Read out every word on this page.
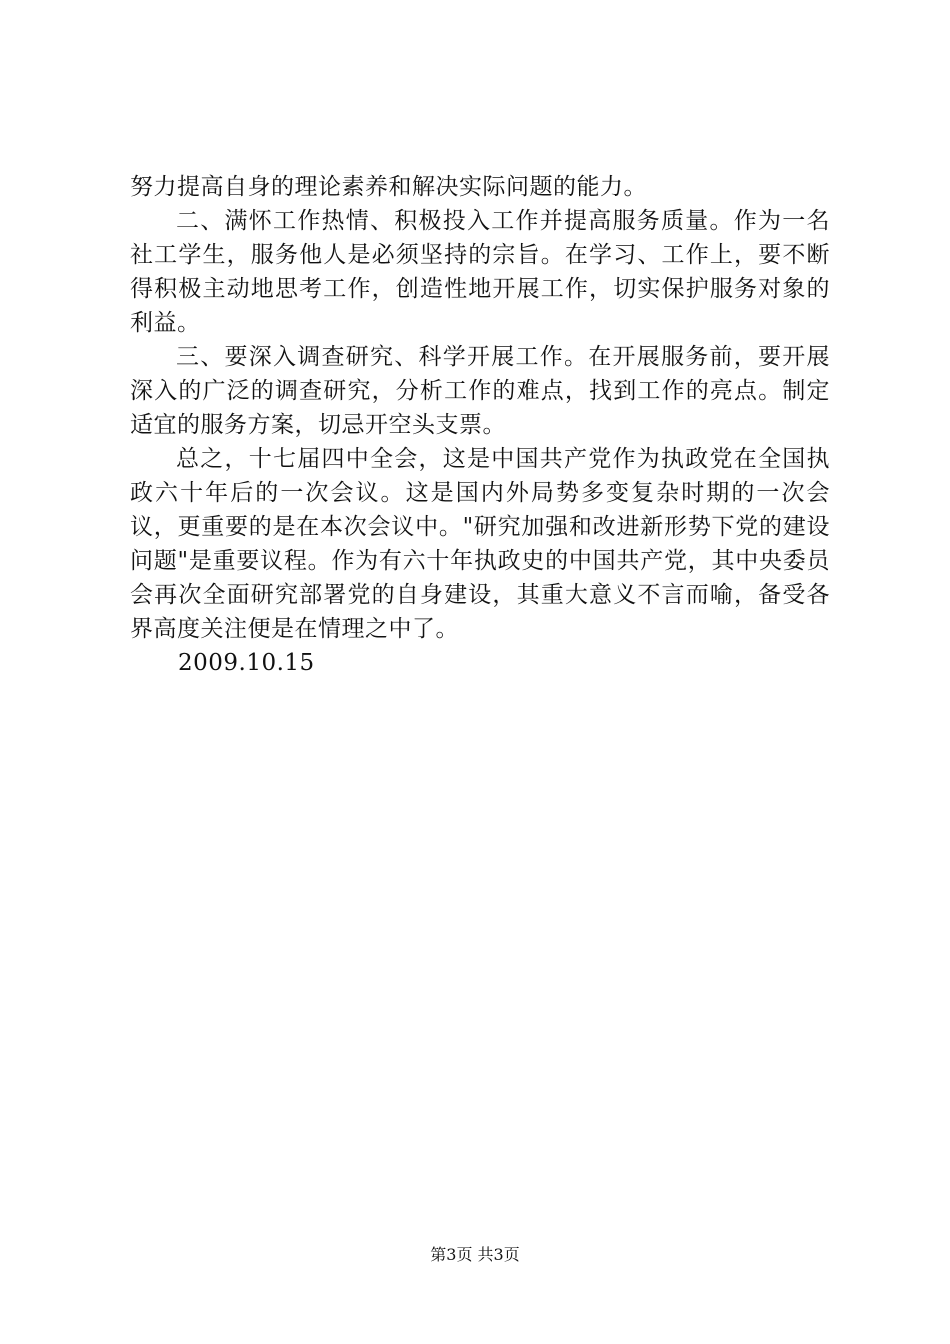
努力提高自身的理论素养和解决实际问题的能力。

二、满怀工作热情、积极投入工作并提高服务质量。作为一名社工学生，服务他人是必须坚持的宗旨。在学习、工作上，要不断得积极主动地思考工作，创造性地开展工作，切实保护服务对象的利益。

三、要深入调查研究、科学开展工作。在开展服务前，要开展深入的广泛的调查研究，分析工作的难点，找到工作的亮点。制定适宜的服务方案，切忌开空头支票。

总之，十七届四中全会，这是中国共产党作为执政党在全国执政六十年后的一次会议。这是国内外局势多变复杂时期的一次会议，更重要的是在本次会议中。"研究加强和改进新形势下党的建设问题"是重要议程。作为有六十年执政史的中国共产党，其中央委员会再次全面研究部署党的自身建设，其重大意义不言而喻，备受各界高度关注便是在情理之中了。

2009.10.15

第3页 共3页
